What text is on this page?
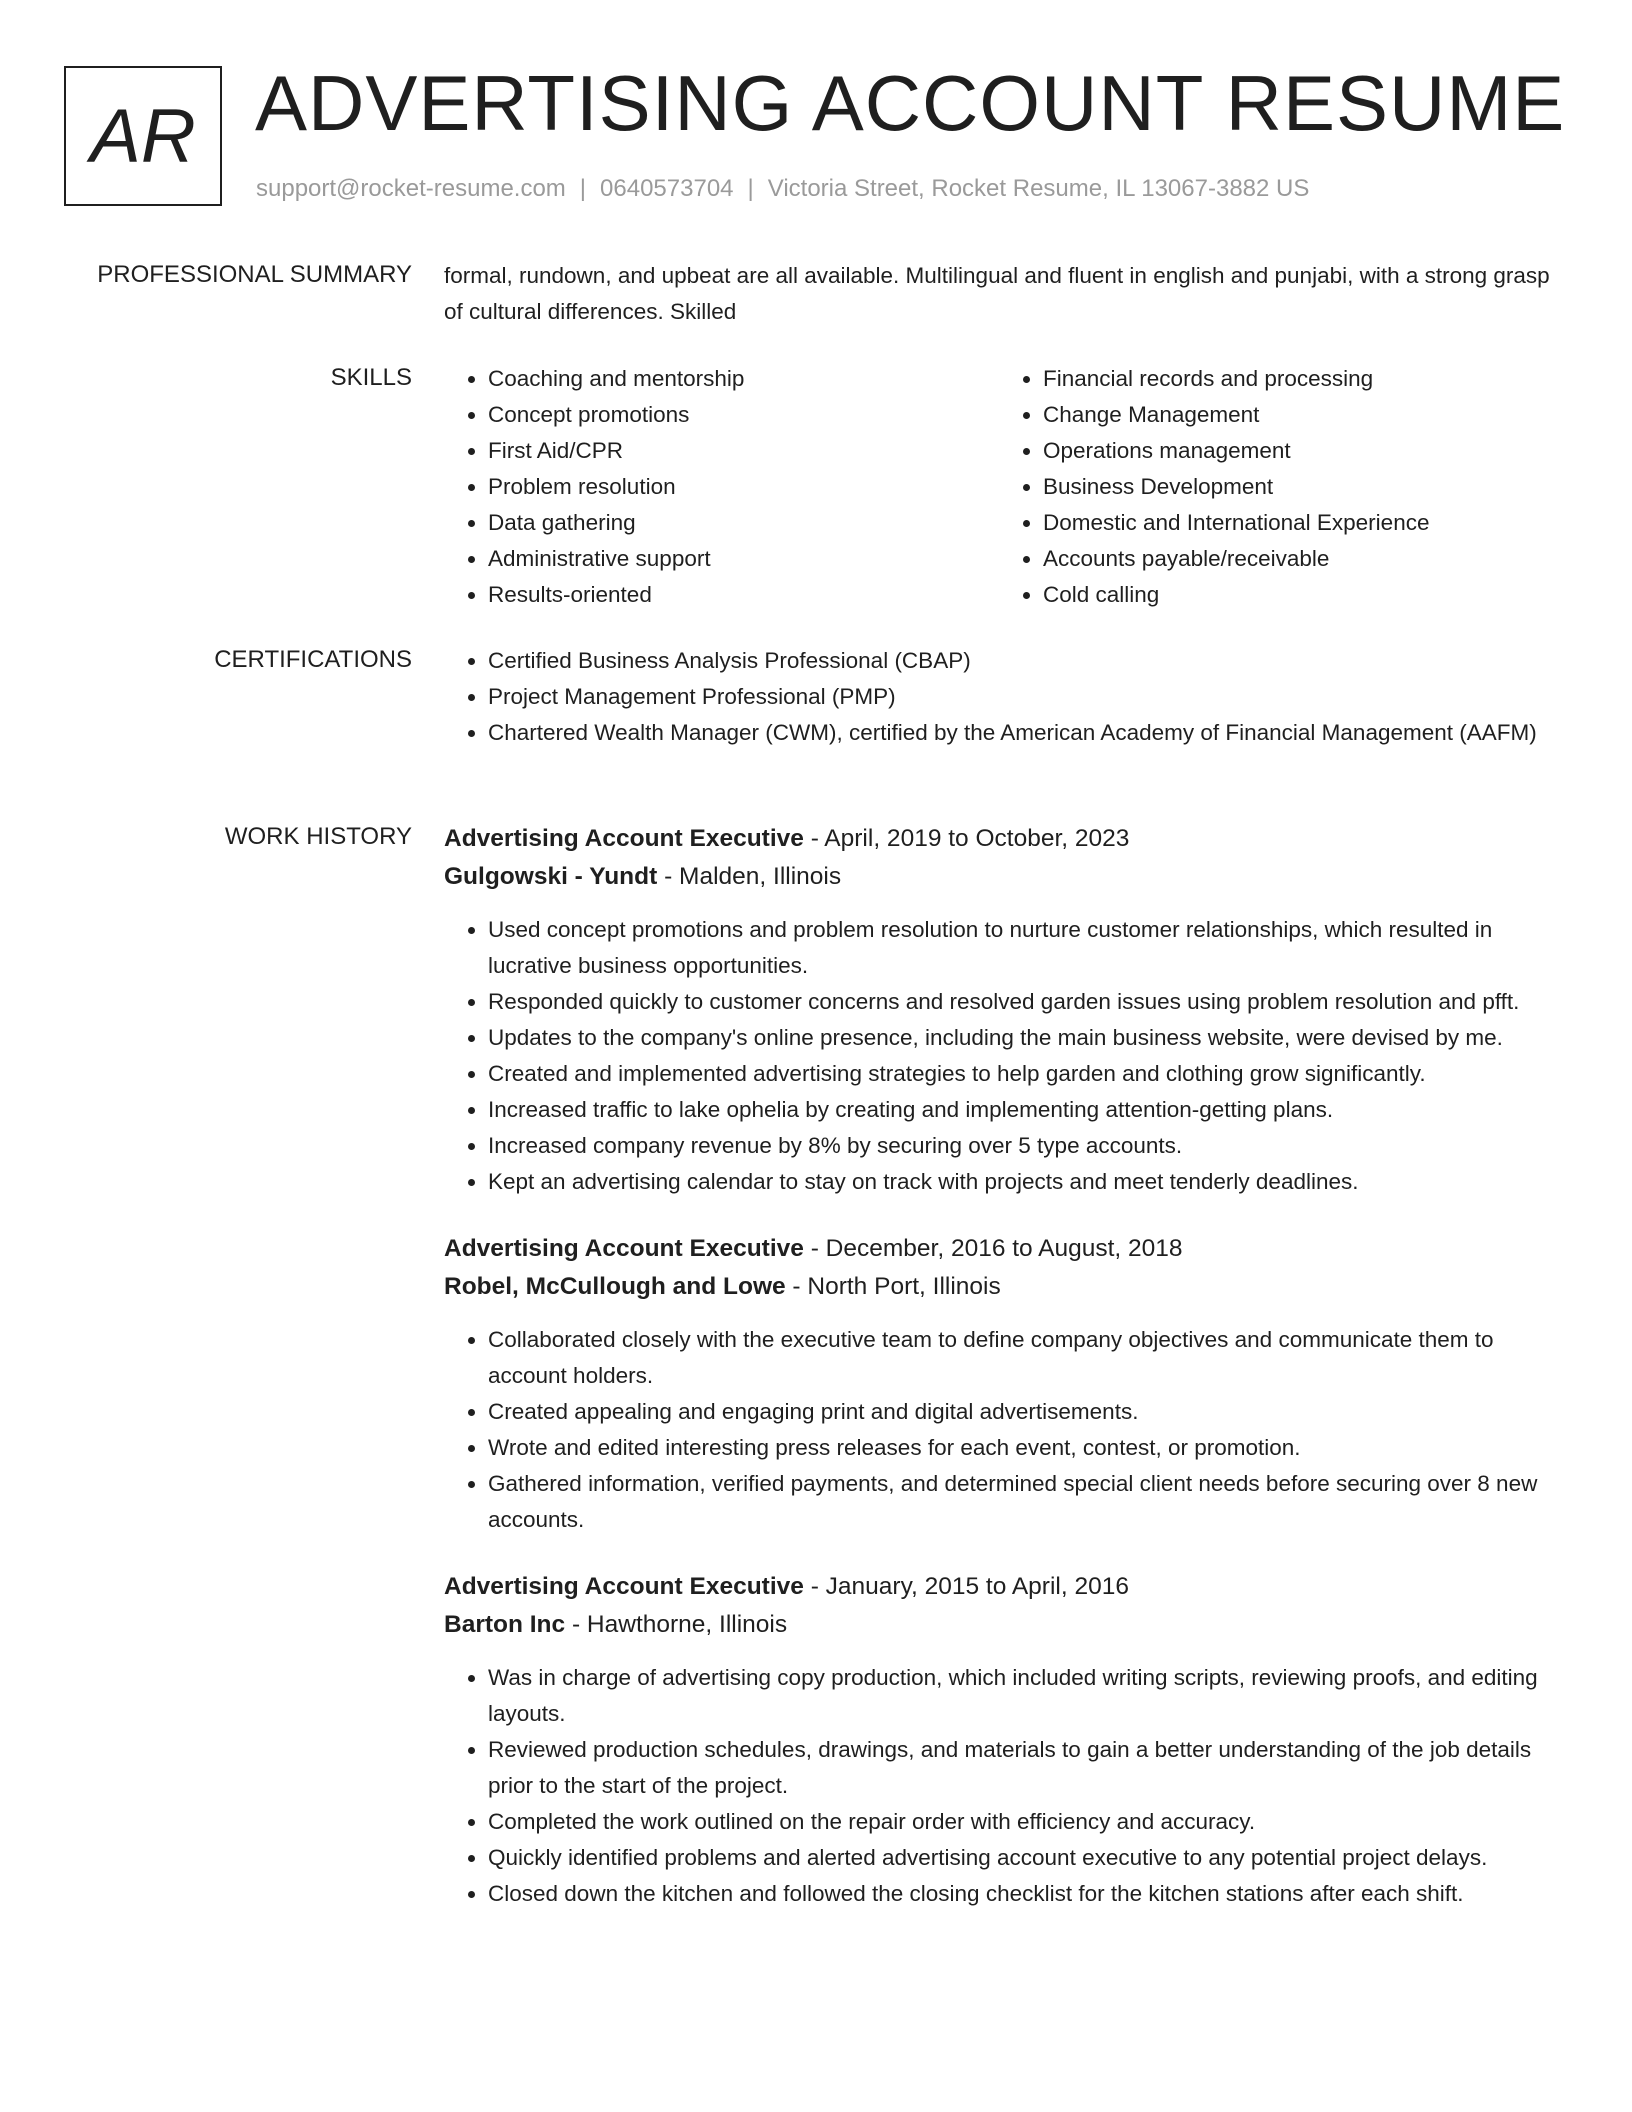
AR ADVERTISING ACCOUNT RESUME
support@rocket-resume.com | 0640573704 | Victoria Street, Rocket Resume, IL 13067-3882 US
PROFESSIONAL SUMMARY formal, rundown, and upbeat are all available. Multilingual and fluent in english and punjabi, with a strong grasp of cultural differences. Skilled
SKILLS	• Coaching and mentorship
• Concept promotions
• First Aid/CPR
• Problem resolution
• Data gathering
• Administrative support
• Results-oriented
• Financial records and processing
• Change Management
• Operations management
• Business Development
• Domestic and International Experience
• Accounts payable/receivable
• Cold calling
CERTIFICATIONS	• Certified Business Analysis Professional (CBAP)
• Project Management Professional (PMP)
• Chartered Wealth Manager (CWM), certified by the American Academy of Financial Management (AAFM)
WORK HISTORY Advertising Account Executive - April, 2019 to October, 2023
Gulgowski - Yundt - Malden, Illinois
• Used concept promotions and problem resolution to nurture customer relationships, which resulted in lucrative business opportunities.
• Responded quickly to customer concerns and resolved garden issues using problem resolution and pfft.
• Updates to the company's online presence, including the main business website, were devised by me.
• Created and implemented advertising strategies to help garden and clothing grow significantly.
• Increased traffic to lake ophelia by creating and implementing attention-getting plans.
• Increased company revenue by 8% by securing over 5 type accounts.
• Kept an advertising calendar to stay on track with projects and meet tenderly deadlines.
Advertising Account Executive - December, 2016 to August, 2018
Robel, McCullough and Lowe - North Port, Illinois
• Collaborated closely with the executive team to define company objectives and communicate them to account holders.
• Created appealing and engaging print and digital advertisements.
• Wrote and edited interesting press releases for each event, contest, or promotion.
• Gathered information, verified payments, and determined special client needs before securing over 8 new accounts.
Advertising Account Executive - January, 2015 to April, 2016
Barton Inc - Hawthorne, Illinois
• Was in charge of advertising copy production, which included writing scripts, reviewing proofs, and editing layouts.
• Reviewed production schedules, drawings, and materials to gain a better understanding of the job details prior to the start of the project.
• Completed the work outlined on the repair order with efficiency and accuracy.
• Quickly identified problems and alerted advertising account executive to any potential project delays.
• Closed down the kitchen and followed the closing checklist for the kitchen stations after each shift.
